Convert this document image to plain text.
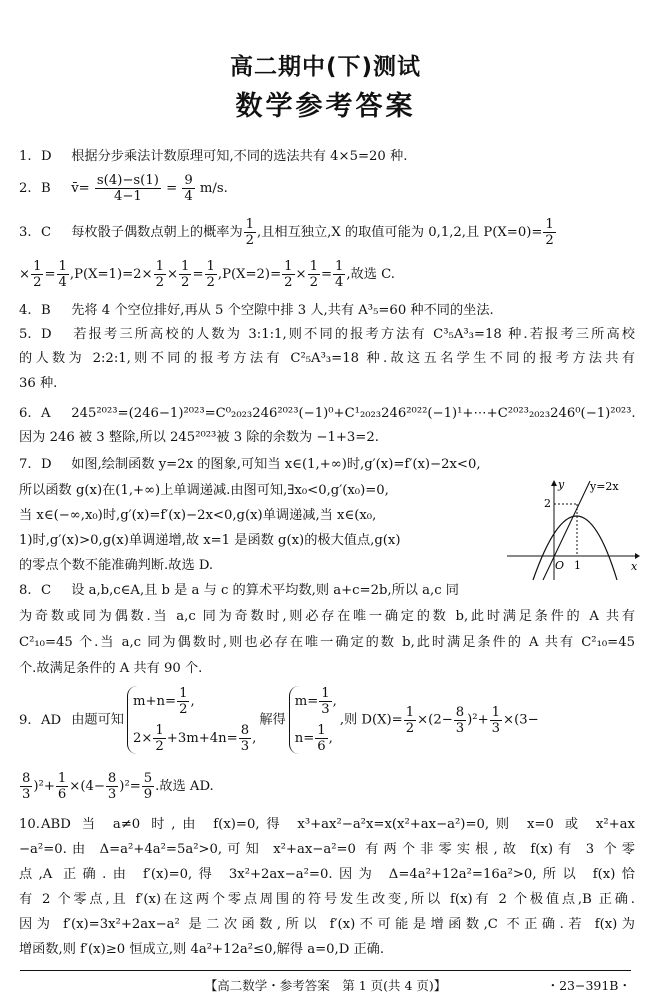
高二期中(下)测试
数学参考答案
1. D 根据分步乘法计数原理可知,不同的选法共有 4×5=20 种.
2. B v̄= $\frac{s(4)-s(1)}{4-1} = \frac{9}{4} m/s$.
3. C 每枚骰子偶数点朝上的概率为 $\frac{1}{2}$ ,且相互独立,X 的取值可能为 0,1,2,且 $P(X=0)= \frac{1}{2}$
× $\frac{1}{2} = \frac{1}{4} ,P(X=1)=2\times \frac{1}{2} \times \frac{1}{2} = \frac{1}{2} ,P(X=2)= \frac{1}{2} \times \frac{1}{2} = \frac{1}{4}$ ,故选 C.
4. B 先将 4 个空位排好,再从 5 个空隙中排 3 人,共有 A³₅=60 种不同的坐法.
5. D 若报考三所高校的人数为 3:1:1,则不同的报考方法有 C³₅A³₃=18 种.若报考三所高校
的人数为 2:2:1,则不同的报考方法有 C²₅A³₃=18 种.故这五名学生不同的报考方法共有
36 种.
6. A 245²⁰²³=(246−1)²⁰²³=C⁰₂₀₂₃246²⁰²³(−1)⁰+C¹₂₀₂₃246²⁰²²(−1)¹+⋯+C²⁰²³₂₀₂₃246⁰(−1)²⁰²³.
因为 246 被 3 整除,所以 245²⁰²³被 3 除的余数为 −1+3=2.
7. D 如图,绘制函数 y=2x 的图象,可知当 x∈(1,+∞)时,g′(x)=f′(x)−2x<0,
所以函数 g(x)在(1,+∞)上单调递减.由图可知,∃x₀<0,g′(x₀)=0,
当 x∈(−∞,x₀)时,g′(x)=f′(x)−2x<0,g(x)单调递减,当 x∈(x₀,
1)时,g′(x)>0,g(x)单调递增,故 x=1 是函数 g(x)的极大值点,g(x)
的零点个数不能准确判断.故选 D.
y
x
y=2x
2
O 1
8. C 设 a,b,c∈A,且 b 是 a 与 c 的算术平均数,则 a+c=2b,所以 a,c 同
为奇数或同为偶数.当 a,c 同为奇数时,则必存在唯一确定的数 b,此时满足条件的 A 共有
C²₁₀=45 个.当 a,c 同为偶数时,则也必存在唯一确定的数 b,此时满足条件的 A 共有 C²₁₀=45
个.故满足条件的 A 共有 90 个.
9. AD 由题可知
$m+n= \frac{1}{2}$ ,
$2\times \frac{1}{2} +3m+4n= \frac{8}{3}$ ,
解得
$m= \frac{1}{3}$ ,
$n= \frac{1}{6}$ ,
,则 $D(X)= \frac{1}{2} \times(2- \frac{8}{3} )^2+ \frac{1}{3} \times(3-$
$\frac{8}{3} )^2+ \frac{1}{6} \times(4- \frac{8}{3} )^2= \frac{5}{9}$ .故选 AD.
10.ABD 当 a≠0 时,由 f(x)=0,得 x³+ax²−a²x=x(x²+ax−a²)=0,则 x=0 或 x²+ax
−a²=0.由 Δ=a²+4a²=5a²>0,可知 x²+ax−a²=0 有两个非零实根,故 f(x)有 3 个零
点,A 正确.由 f′(x)=0,得 3x²+2ax−a²=0.因为 Δ=4a²+12a²=16a²>0,所以 f(x)恰
有 2 个零点,且 f′(x)在这两个零点周围的符号发生改变,所以 f(x)有 2 个极值点,B 正确.
因为 f′(x)=3x²+2ax−a² 是二次函数,所以 f′(x)不可能是增函数,C 不正确.若 f(x)为
增函数,则 f′(x)≥0 恒成立,则 4a²+12a²≤0,解得 a=0,D 正确.
【高二数学・参考答案　第 1 页(共 4 页)】	・23−391B・
